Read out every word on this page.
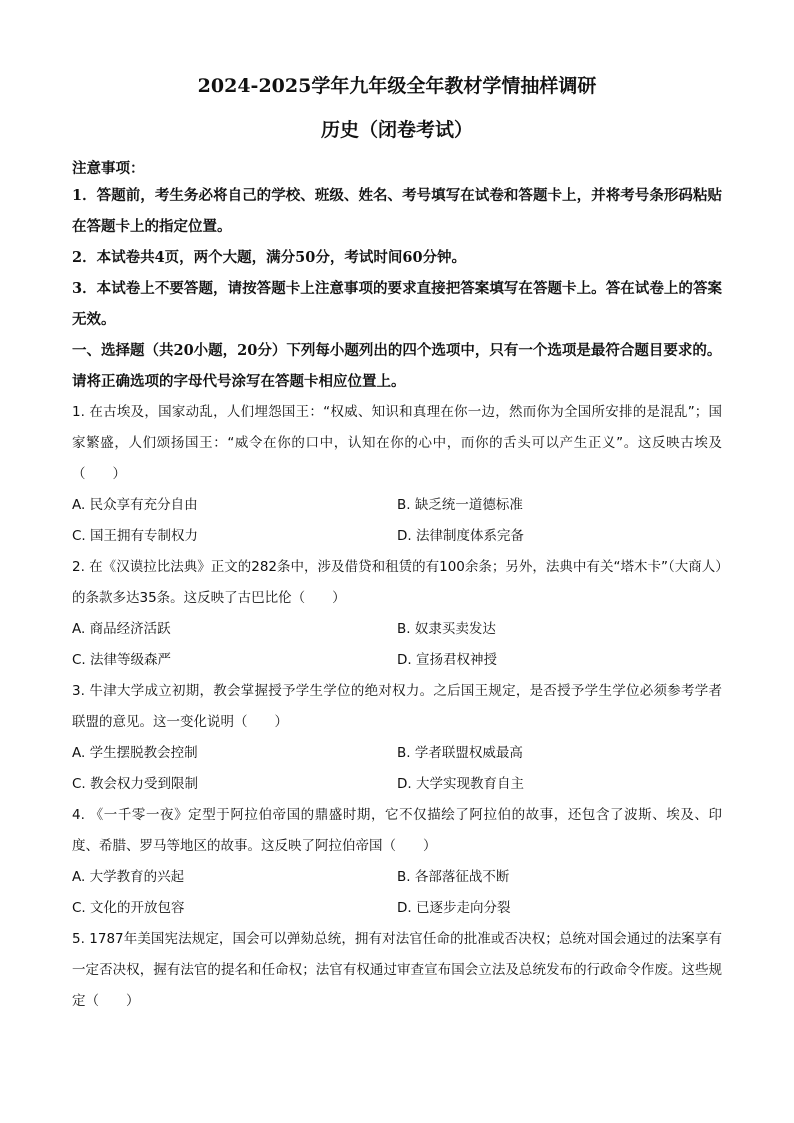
2024-2025学年九年级全年教材学情抽样调研
历史（闭卷考试）
注意事项：

1．答题前，考生务必将自己的学校、班级、姓名、考号填写在试卷和答题卡上，并将考号条形码粘贴在答题卡上的指定位置。

2．本试卷共4页，两个大题，满分50分，考试时间60分钟。

3．本试卷上不要答题，请按答题卡上注意事项的要求直接把答案填写在答题卡上。答在试卷上的答案无效。

一、选择题（共20小题，20分）下列每小题列出的四个选项中，只有一个选项是最符合题目要求的。请将正确选项的字母代号涂写在答题卡相应位置上。

1. 在古埃及，国家动乱，人们埋怨国王：“权威、知识和真理在你一边，然而你为全国所安排的是混乱”；国家繁盛，人们颂扬国王：“威令在你的口中，认知在你的心中，而你的舌头可以产生正义”。这反映古埃及（　　）

A. 民众享有充分自由	B. 缺乏统一道德标准
C. 国王拥有专制权力	D. 法律制度体系完备

2. 在《汉谟拉比法典》正文的282条中，涉及借贷和租赁的有100余条；另外，法典中有关“塔木卡”（大商人）的条款多达35条。这反映了古巴比伦（　　）

A. 商品经济活跃	B. 奴隶买卖发达
C. 法律等级森严	D. 宣扬君权神授

3. 牛津大学成立初期，教会掌握授予学生学位的绝对权力。之后国王规定，是否授予学生学位必须参考学者联盟的意见。这一变化说明（　　）

A. 学生摆脱教会控制	B. 学者联盟权威最高
C. 教会权力受到限制	D. 大学实现教育自主

4. 《一千零一夜》定型于阿拉伯帝国的鼎盛时期，它不仅描绘了阿拉伯的故事，还包含了波斯、埃及、印度、希腊、罗马等地区的故事。这反映了阿拉伯帝国（　　）

A. 大学教育的兴起	B. 各部落征战不断
C. 文化的开放包容	D. 已逐步走向分裂

5. 1787年美国宪法规定，国会可以弹劾总统，拥有对法官任命的批准或否决权；总统对国会通过的法案享有一定否决权，握有法官的提名和任命权；法官有权通过审查宣布国会立法及总统发布的行政命令作废。这些规定（　　）
